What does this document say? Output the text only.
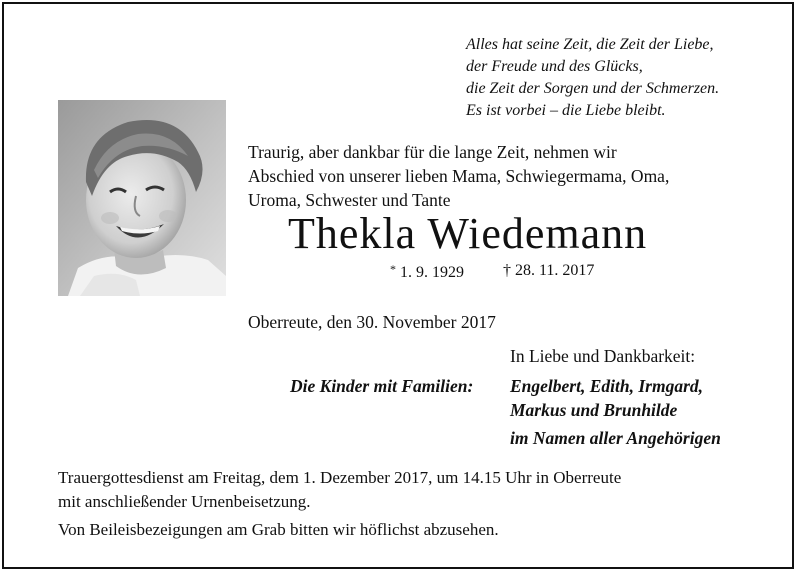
Alles hat seine Zeit, die Zeit der Liebe,
der Freude und des Glücks,
die Zeit der Sorgen und der Schmerzen.
Es ist vorbei – die Liebe bleibt.
Traurig, aber dankbar für die lange Zeit, nehmen wir
Abschied von unserer lieben Mama, Schwiegermama, Oma,
Uroma, Schwester und Tante
Thekla Wiedemann
* 1. 9. 1929 † 28. 11. 2017
Oberreute, den 30. November 2017
In Liebe und Dankbarkeit:
Die Kinder mit Familien: Engelbert, Edith, Irmgard,
Markus und Brunhilde
im Namen aller Angehörigen
Trauergottesdienst am Freitag, dem 1. Dezember 2017, um 14.15 Uhr in Oberreute
mit anschließender Urnenbeisetzung.
Von Beileisbezeigungen am Grab bitten wir höflichst abzusehen.
